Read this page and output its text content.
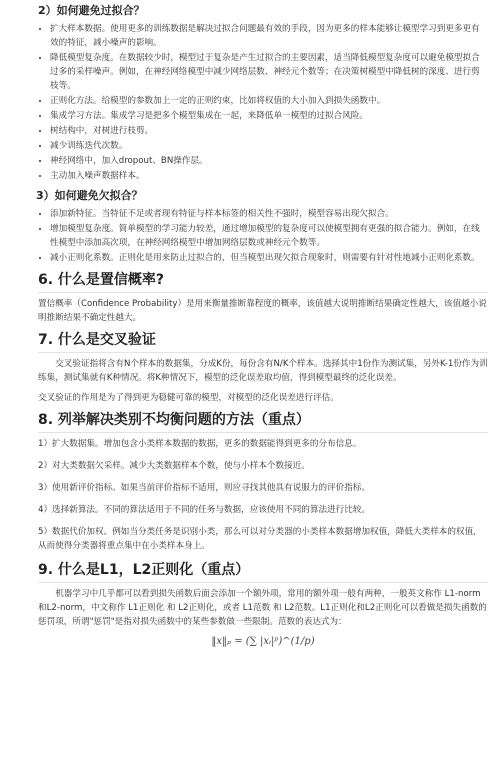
2）如何避免过拟合？
• 扩大样本数据。使用更多的训练数据是解决过拟合问题最有效的手段，因为更多的样本能够让模型学习到更多更有效的特征，减小噪声的影响。
• 降低模型复杂度。在数据较少时，模型过于复杂是产生过拟合的主要因素，适当降低模型复杂度可以避免模型拟合过多的采样噪声。例如，在神经网络模型中减少网络层数、神经元个数等；在决策树模型中降低树的深度、进行剪枝等。
• 正则化方法。给模型的参数加上一定的正则约束，比如将权值的大小加入到损失函数中。
• 集成学习方法。集成学习是把多个模型集成在一起，来降低单一模型的过拟合风险。
• 树结构中，对树进行枝剪。
• 减少训练迭代次数。
• 神经网络中，加入dropout、BN操作层。
• 主动加入噪声数据样本。
3）如何避免欠拟合？
• 添加新特征。当特征不足或者现有特征与样本标签的相关性不强时，模型容易出现欠拟合。
• 增加模型复杂度。简单模型的学习能力较差，通过增加模型的复杂度可以使模型拥有更强的拟合能力。例如，在线性模型中添加高次项，在神经网络模型中增加网络层数或神经元个数等。
• 减小正则化系数。正则化是用来防止过拟合的，但当模型出现欠拟合现象时，则需要有针对性地减小正则化系数。
6. 什么是置信概率?

置信概率（Confidence Probability）是用来衡量推断靠程度的概率，该值越大说明推断结果确定性越大，该值越小说明推断结果不确定性越大。

7. 什么是交叉验证

交叉验证指将含有N个样本的数据集，分成K份，每份含有N/K个样本。选择其中1份作为测试集，另外K-1份作为训练集，测试集就有K种情况。将K种情况下，模型的泛化误差取均值，得到模型最终的泛化误差。

交叉验证的作用是为了得到更为稳健可靠的模型，对模型的泛化误差进行评估。

8. 列举解决类别不均衡问题的方法（重点）

1）扩大数据集。增加包含小类样本数据的数据，更多的数据能得到更多的分布信息。

2）对大类数据欠采样。减少大类数据样本个数，使与小样本个数接近。

3）使用新评价指标。如果当前评价指标不适用，则应寻找其他具有说服力的评价指标。

4）选择新算法。不同的算法适用于不同的任务与数据，应该使用不同的算法进行比较。

5）数据代价加权。例如当分类任务是识别小类，那么可以对分类器的小类样本数据增加权值，降低大类样本的权值，从而使得分类器将重点集中在小类样本身上。

9. 什么是L1，L2正则化（重点）

机器学习中几乎都可以看到损失函数后面会添加一个额外项，常用的额外项一般有两种，一般英文称作 L1-norm 和L2-norm，中文称作 L1正则化 和 L2正则化，或者 L1范数 和 L2范数。L1正则化和L2正则化可以看做是损失函数的惩罚项，所谓"惩罚"是指对损失函数中的某些参数做一些限制。范数的表达式为：

‖x‖ₚ = (∑ |xᵢ|ᵖ)^(1/p)
